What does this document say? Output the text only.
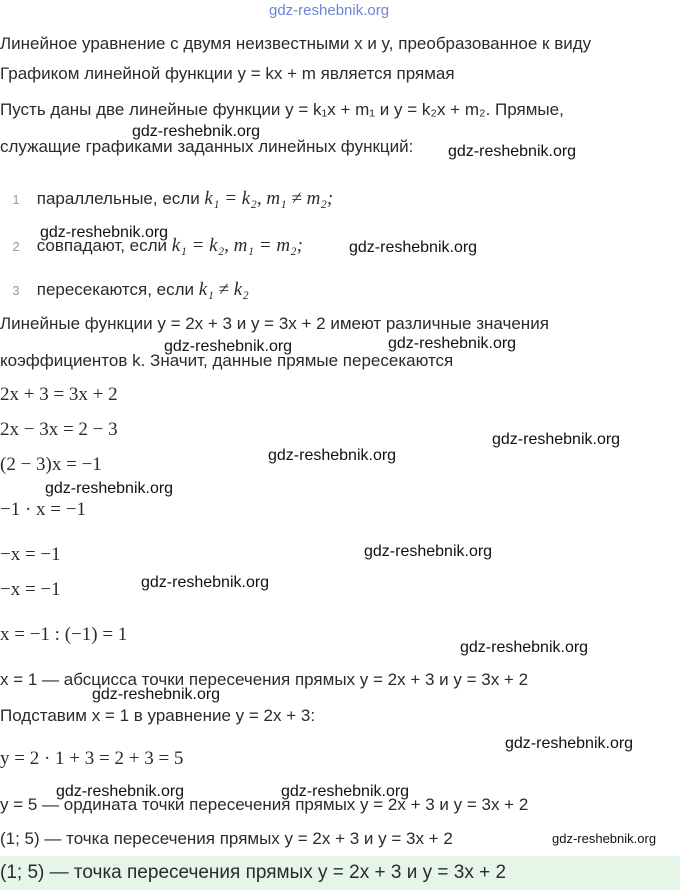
gdz-reshebnik.org
Линейное уравнение с двумя неизвестными x и y, преобразованное к виду
Графиком линейной функции y = kx + m является прямая
Пусть даны две линейные функции y = k₁x + m₁ и y = k₂x + m₂. Прямые,
gdz-reshebnik.org
служащие графиками заданных линейных функций: gdz-reshebnik.org
1 параллельные, если k₁ = k₂, m₁ ≠ m₂;
gdz-reshebnik.org
2 совпадают, если k₁ = k₂, m₁ = m₂;	gdz-reshebnik.org
3 пересекаются, если k₁ ≠ k₂
Линейные функции y = 2x + 3 и y = 3x + 2 имеют различные значения
gdz-reshebnik.org	gdz-reshebnik.org
коэффициентов k. Значит, данные прямые пересекаются
2x + 3 = 3x + 2
2x − 3x = 2 − 3	gdz-reshebnik.org
gdz-reshebnik.org
(2 − 3)x = −1
gdz-reshebnik.org
−1 · x = −1
−x = −1	gdz-reshebnik.org
gdz-reshebnik.org
−x = −1
x = −1 : (−1) = 1
gdz-reshebnik.org
x = 1 — абсцисса точки пересечения прямых y = 2x + 3 и y = 3x + 2
gdz-reshebnik.org
Подставим x = 1 в уравнение y = 2x + 3:
gdz-reshebnik.org
y = 2 · 1 + 3 = 2 + 3 = 5
gdz-reshebnik.org	gdz-reshebnik.org
y = 5 — ордината точки пересечения прямых y = 2x + 3 и y = 3x + 2
(1; 5) — точка пересечения прямых y = 2x + 3 и y = 3x + 2	gdz-reshebnik.org
(1; 5) — точка пересечения прямых y = 2x + 3 и y = 3x + 2
